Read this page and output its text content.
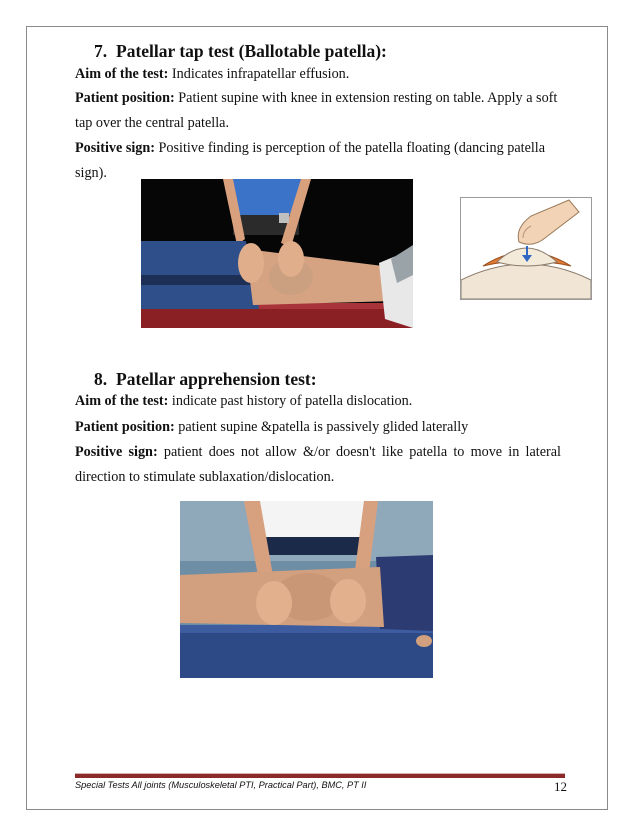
7. Patellar tap test (Ballotable patella):
Aim of the test: Indicates infrapatellar effusion.
Patient position: Patient supine with knee in extension resting on table. Apply a soft tap over the central patella.
Positive sign: Positive finding is perception of the patella floating (dancing patella sign).
8. Patellar apprehension test:
Aim of the test: indicate past history of patella dislocation.
Patient position: patient supine &patella is passively glided laterally
Positive sign: patient does not allow &/or doesn't like patella to move in lateral direction to stimulate sublaxation/dislocation.
Special Tests All joints (Musculoskeletal PTI, Practical Part), BMC, PT II	12
